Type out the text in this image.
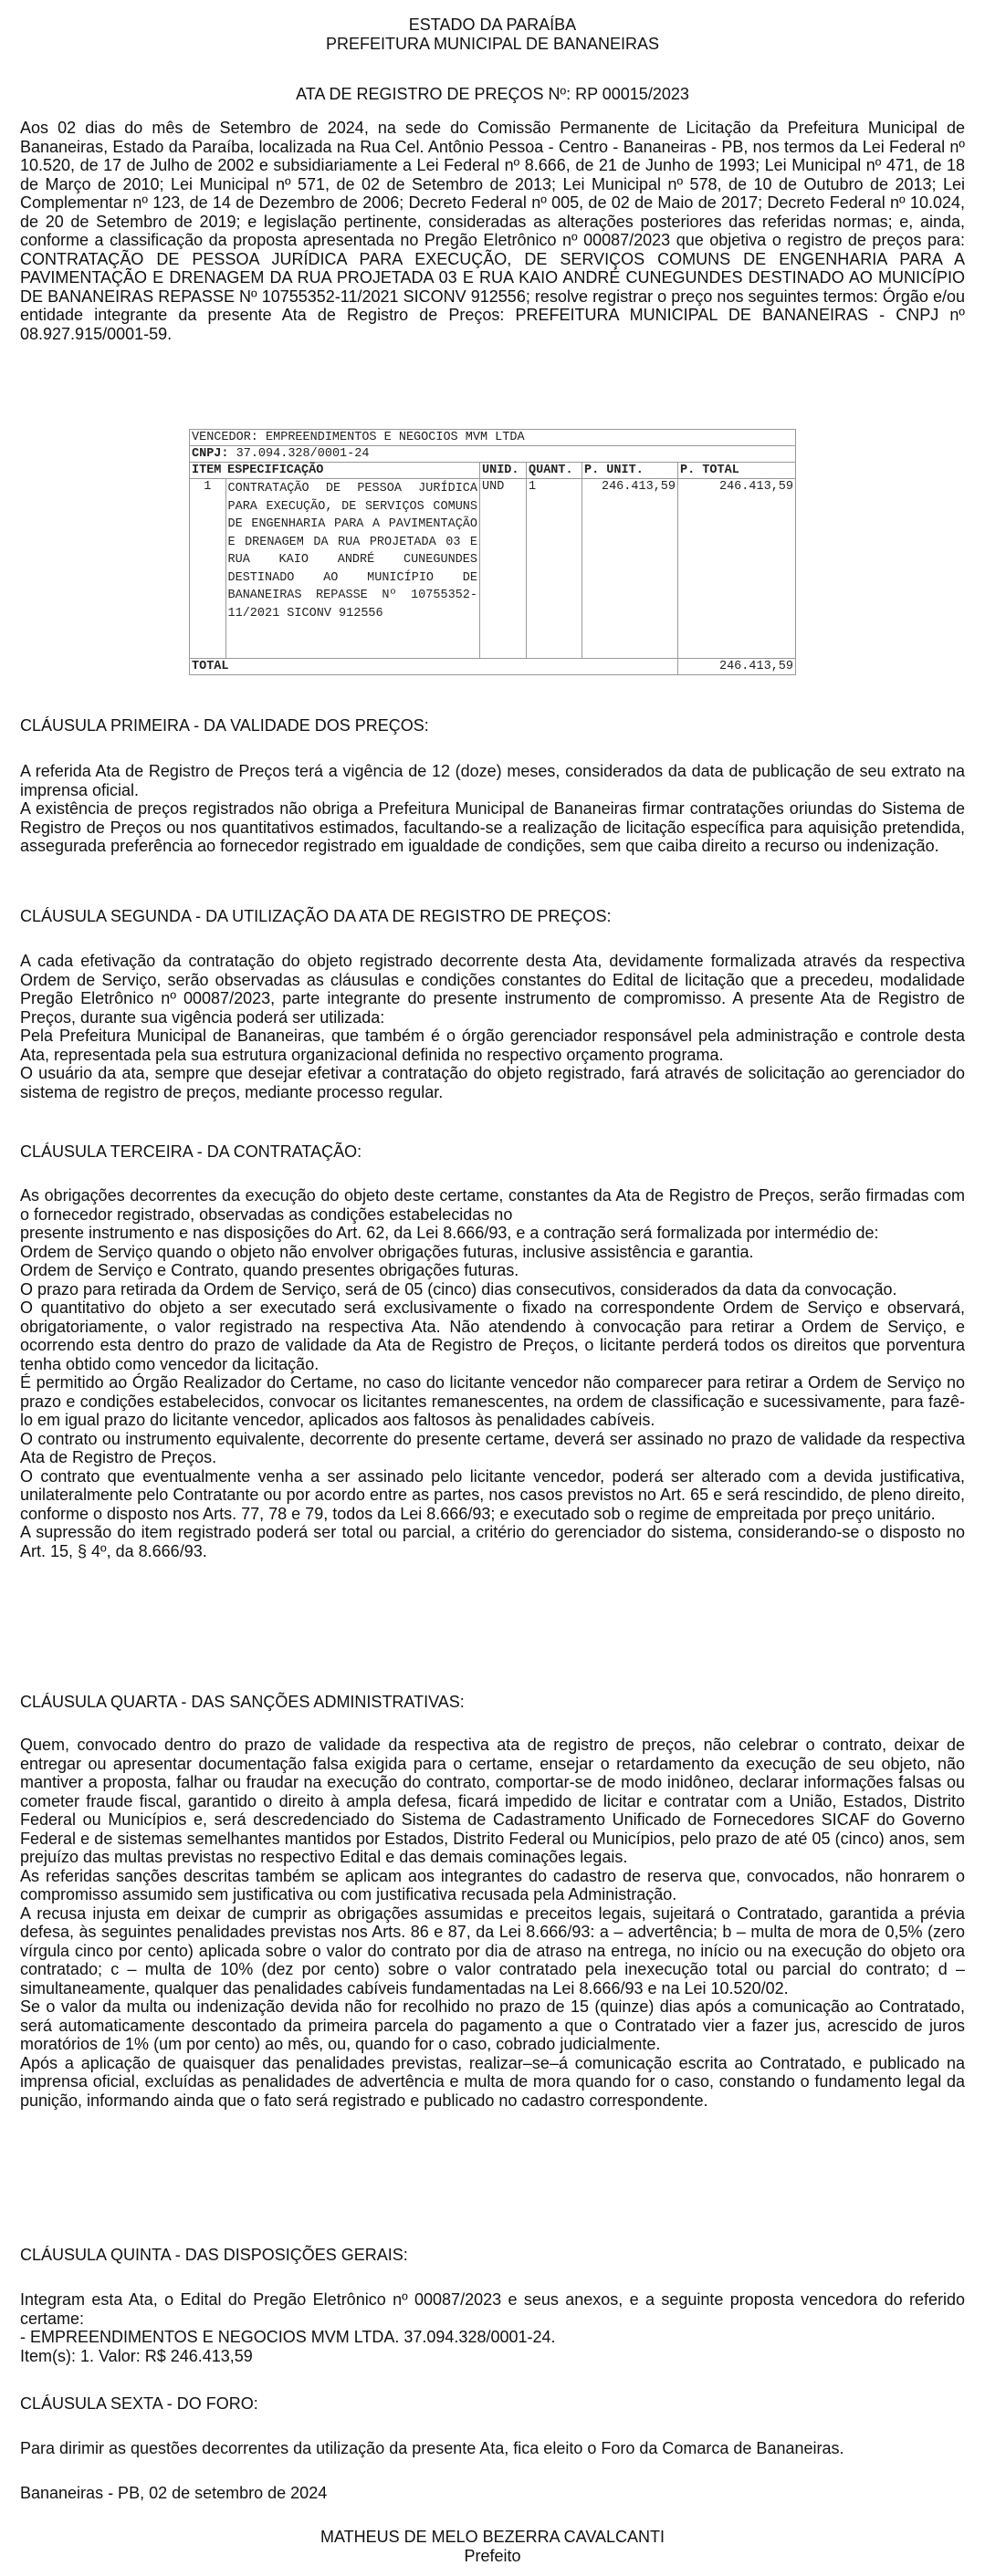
ESTADO DA PARAÍBA
PREFEITURA MUNICIPAL DE BANANEIRAS
ATA DE REGISTRO DE PREÇOS Nº: RP 00015/2023
Aos 02 dias do mês de Setembro de 2024, na sede do Comissão Permanente de Licitação da Prefeitura Municipal de Bananeiras, Estado da Paraíba, localizada na Rua Cel. Antônio Pessoa - Centro - Bananeiras - PB, nos termos da Lei Federal nº 10.520, de 17 de Julho de 2002 e subsidiariamente a Lei Federal nº 8.666, de 21 de Junho de 1993; Lei Municipal nº 471, de 18 de Março de 2010; Lei Municipal nº 571, de 02 de Setembro de 2013; Lei Municipal nº 578, de 10 de Outubro de 2013; Lei Complementar nº 123, de 14 de Dezembro de 2006; Decreto Federal nº 005, de 02 de Maio de 2017; Decreto Federal nº 10.024, de 20 de Setembro de 2019; e legislação pertinente, consideradas as alterações posteriores das referidas normas; e, ainda, conforme a classificação da proposta apresentada no Pregão Eletrônico nº 00087/2023 que objetiva o registro de preços para: CONTRATAÇÃO DE PESSOA JURÍDICA PARA EXECUÇÃO, DE SERVIÇOS COMUNS DE ENGENHARIA PARA A PAVIMENTAÇÃO E DRENAGEM DA RUA PROJETADA 03 E RUA KAIO ANDRÉ CUNEGUNDES DESTINADO AO MUNICÍPIO DE BANANEIRAS REPASSE Nº 10755352-11/2021 SICONV 912556; resolve registrar o preço nos seguintes termos: Órgão e/ou entidade integrante da presente Ata de Registro de Preços: PREFEITURA MUNICIPAL DE BANANEIRAS - CNPJ nº 08.927.915/0001-59.
VENCEDOR: EMPREENDIMENTOS E NEGOCIOS MVM LTDA					
CNPJ: 37.094.328/0001-24					
ITEM	ESPECIFICAÇÃO	UNID.	QUANT.	P. UNIT.	P. TOTAL
1	CONTRATAÇÃO DE PESSOA JURÍDICA PARA EXECUÇÃO, DE SERVIÇOS COMUNS DE ENGENHARIA PARA A PAVIMENTAÇÃO E DRENAGEM DA RUA PROJETADA 03 E RUA KAIO ANDRÉ CUNEGUNDES DESTINADO AO MUNICÍPIO DE BANANEIRAS REPASSE Nº 10755352-11/2021 SICONV 912556	UND	1	246.413,59	246.413,59
TOTAL					246.413,59
CLÁUSULA PRIMEIRA - DA VALIDADE DOS PREÇOS:

A referida Ata de Registro de Preços terá a vigência de 12 (doze) meses, considerados da data de publicação de seu extrato na imprensa oficial.

A existência de preços registrados não obriga a Prefeitura Municipal de Bananeiras firmar contratações oriundas do Sistema de Registro de Preços ou nos quantitativos estimados, facultando-se a realização de licitação específica para aquisição pretendida, assegurada preferência ao fornecedor registrado em igualdade de condições, sem que caiba direito a recurso ou indenização.

CLÁUSULA SEGUNDA - DA UTILIZAÇÃO DA ATA DE REGISTRO DE PREÇOS:

A cada efetivação da contratação do objeto registrado decorrente desta Ata, devidamente formalizada através da respectiva Ordem de Serviço, serão observadas as cláusulas e condições constantes do Edital de licitação que a precedeu, modalidade Pregão Eletrônico nº 00087/2023, parte integrante do presente instrumento de compromisso. A presente Ata de Registro de Preços, durante sua vigência poderá ser utilizada:

Pela Prefeitura Municipal de Bananeiras, que também é o órgão gerenciador responsável pela administração e controle desta Ata, representada pela sua estrutura organizacional definida no respectivo orçamento programa.

O usuário da ata, sempre que desejar efetivar a contratação do objeto registrado, fará através de solicitação ao gerenciador do sistema de registro de preços, mediante processo regular.

CLÁUSULA TERCEIRA - DA CONTRATAÇÃO:

As obrigações decorrentes da execução do objeto deste certame, constantes da Ata de Registro de Preços, serão firmadas com o fornecedor registrado, observadas as condições estabelecidas no

presente instrumento e nas disposições do Art. 62, da Lei 8.666/93, e a contração será formalizada por intermédio de:

Ordem de Serviço quando o objeto não envolver obrigações futuras, inclusive assistência e garantia.

Ordem de Serviço e Contrato, quando presentes obrigações futuras.

O prazo para retirada da Ordem de Serviço, será de 05 (cinco) dias consecutivos, considerados da data da convocação.

O quantitativo do objeto a ser executado será exclusivamente o fixado na correspondente Ordem de Serviço e observará, obrigatoriamente, o valor registrado na respectiva Ata. Não atendendo à convocação para retirar a Ordem de Serviço, e ocorrendo esta dentro do prazo de validade da Ata de Registro de Preços, o licitante perderá todos os direitos que porventura tenha obtido como vencedor da licitação.

É permitido ao Órgão Realizador do Certame, no caso do licitante vencedor não comparecer para retirar a Ordem de Serviço no prazo e condições estabelecidos, convocar os licitantes remanescentes, na ordem de classificação e sucessivamente, para fazê-lo em igual prazo do licitante vencedor, aplicados aos faltosos às penalidades cabíveis.

O contrato ou instrumento equivalente, decorrente do presente certame, deverá ser assinado no prazo de validade da respectiva Ata de Registro de Preços.

O contrato que eventualmente venha a ser assinado pelo licitante vencedor, poderá ser alterado com a devida justificativa, unilateralmente pelo Contratante ou por acordo entre as partes, nos casos previstos no Art. 65 e será rescindido, de pleno direito, conforme o disposto nos Arts. 77, 78 e 79, todos da Lei 8.666/93; e executado sob o regime de empreitada por preço unitário.

A supressão do item registrado poderá ser total ou parcial, a critério do gerenciador do sistema, considerando-se o disposto no Art. 15, § 4º, da 8.666/93.

CLÁUSULA QUARTA - DAS SANÇÕES ADMINISTRATIVAS:

Quem, convocado dentro do prazo de validade da respectiva ata de registro de preços, não celebrar o contrato, deixar de entregar ou apresentar documentação falsa exigida para o certame, ensejar o retardamento da execução de seu objeto, não mantiver a proposta, falhar ou fraudar na execução do contrato, comportar-se de modo inidôneo, declarar informações falsas ou cometer fraude fiscal, garantido o direito à ampla defesa, ficará impedido de licitar e contratar com a União, Estados, Distrito Federal ou Municípios e, será descredenciado do Sistema de Cadastramento Unificado de Fornecedores SICAF do Governo Federal e de sistemas semelhantes mantidos por Estados, Distrito Federal ou Municípios, pelo prazo de até 05 (cinco) anos, sem prejuízo das multas previstas no respectivo Edital e das demais cominações legais.

As referidas sanções descritas também se aplicam aos integrantes do cadastro de reserva que, convocados, não honrarem o compromisso assumido sem justificativa ou com justificativa recusada pela Administração.

A recusa injusta em deixar de cumprir as obrigações assumidas e preceitos legais, sujeitará o Contratado, garantida a prévia defesa, às seguintes penalidades previstas nos Arts. 86 e 87, da Lei 8.666/93: a – advertência; b – multa de mora de 0,5% (zero vírgula cinco por cento) aplicada sobre o valor do contrato por dia de atraso na entrega, no início ou na execução do objeto ora contratado; c – multa de 10% (dez por cento) sobre o valor contratado pela inexecução total ou parcial do contrato; d – simultaneamente, qualquer das penalidades cabíveis fundamentadas na Lei 8.666/93 e na Lei 10.520/02.

Se o valor da multa ou indenização devida não for recolhido no prazo de 15 (quinze) dias após a comunicação ao Contratado, será automaticamente descontado da primeira parcela do pagamento a que o Contratado vier a fazer jus, acrescido de juros moratórios de 1% (um por cento) ao mês, ou, quando for o caso, cobrado judicialmente.

Após a aplicação de quaisquer das penalidades previstas, realizar–se–á comunicação escrita ao Contratado, e publicado na imprensa oficial, excluídas as penalidades de advertência e multa de mora quando for o caso, constando o fundamento legal da punição, informando ainda que o fato será registrado e publicado no cadastro correspondente.

CLÁUSULA QUINTA - DAS DISPOSIÇÕES GERAIS:

Integram esta Ata, o Edital do Pregão Eletrônico nº 00087/2023 e seus anexos, e a seguinte proposta vencedora do referido certame:

- EMPREENDIMENTOS E NEGOCIOS MVM LTDA. 37.094.328/0001-24.

Item(s): 1. Valor: R$ 246.413,59

CLÁUSULA SEXTA - DO FORO:

Para dirimir as questões decorrentes da utilização da presente Ata, fica eleito o Foro da Comarca de Bananeiras.

Bananeiras - PB, 02 de setembro de 2024
MATHEUS DE MELO BEZERRA CAVALCANTI
Prefeito
